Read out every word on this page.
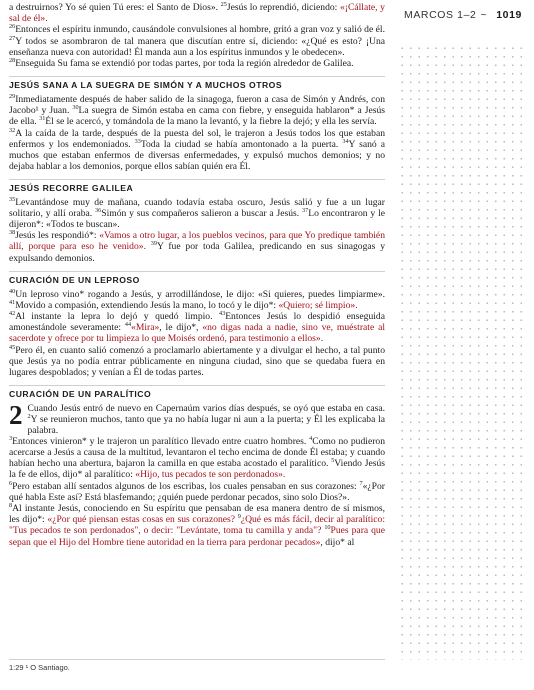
a destruirnos? Yo sé quien Tú eres: el Santo de Dios». $^{25}$Jesús lo reprendió, diciendo: «¡Cállate, y sal de él».

$^{26}$Entonces el espíritu inmundo, causándole convulsiones al hombre, gritó a gran voz y salió de él. $^{27}$Y todos se asombraron de tal manera que discutían entre sí, diciendo: «¿Qué es esto? ¡Una enseñanza nueva con autoridad! Él manda aun a los espíritus inmundos y le obedecen».

$^{28}$Enseguida Su fama se extendió por todas partes, por toda la región alrededor de Galilea.

JESÚS SANA A LA SUEGRA DE SIMÓN Y A MUCHOS OTROS

$^{29}$Inmediatamente después de haber salido de la sinagoga, fueron a casa de Simón y Andrés, con Jacobo¹ y Juan. $^{30}$La suegra de Simón estaba en cama con fiebre, y enseguida hablaron* a Jesús de ella. $^{31}$Él se le acercó, y tomándola de la mano la levantó, y la fiebre la dejó; y ella les servía.

$^{32}$A la caída de la tarde, después de la puesta del sol, le trajeron a Jesús todos los que estaban enfermos y los endemoniados. $^{33}$Toda la ciudad se había amontonado a la puerta. $^{34}$Y sanó a muchos que estaban enfermos de diversas enfermedades, y expulsó muchos demonios; y no dejaba hablar a los demonios, porque ellos sabían quién era Él.

JESÚS RECORRE GALILEA

$^{35}$Levantándose muy de mañana, cuando todavía estaba oscuro, Jesús salió y fue a un lugar solitario, y allí oraba. $^{36}$Simón y sus compañeros salieron a buscar a Jesús. $^{37}$Lo encontraron y le dijeron*: «Todos te buscan».

$^{38}$Jesús les respondió*: «Vamos a otro lugar, a los pueblos vecinos, para que Yo predique también allí, porque para eso he venido». $^{39}$Y fue por toda Galilea, predicando en sus sinagogas y expulsando demonios.

CURACIÓN DE UN LEPROSO

$^{40}$Un leproso vino* rogando a Jesús, y arrodillándose, le dijo: «Si quieres, puedes limpiarme». $^{41}$Movido a compasión, extendiendo Jesús la mano, lo tocó y le dijo*: «Quiero; sé limpio».

$^{42}$Al instante la lepra lo dejó y quedó limpio. $^{43}$Entonces Jesús lo despidió enseguida amonestándole severamente: $^{44}$«Mira», le dijo*, «no digas nada a nadie, sino ve, muéstrate al sacerdote y ofrece por tu limpieza lo que Moisés ordenó, para testimonio a ellos».

$^{45}$Pero él, en cuanto salió comenzó a proclamarlo abiertamente y a divulgar el hecho, a tal punto que Jesús ya no podía entrar públicamente en ninguna ciudad, sino que se quedaba fuera en lugares despoblados; y venían a Él de todas partes.

CURACIÓN DE UN PARALÍTICO

2 Cuando Jesús entró de nuevo en Capernaúm varios días después, se oyó que estaba en casa. $^2$Y se reunieron muchos, tanto que ya no había lugar ni aun a la puerta; y Él les explicaba la palabra.

$^3$Entonces vinieron* y le trajeron un paralítico llevado entre cuatro hombres. $^4$Como no pudieron acercarse a Jesús a causa de la multitud, levantaron el techo encima de donde Él estaba; y cuando habían hecho una abertura, bajaron la camilla en que estaba acostado el paralítico. $^5$Viendo Jesús la fe de ellos, dijo* al paralítico: «Hijo, tus pecados te son perdonados».

$^6$Pero estaban allí sentados algunos de los escribas, los cuales pensaban en sus corazones: $^7$«¿Por qué habla Este así? Está blasfemando; ¿quién puede perdonar pecados, sino solo Dios?».

$^8$Al instante Jesús, conociendo en Su espíritu que pensaban de esa manera dentro de sí mismos, les dijo*: «¿Por qué piensan estas cosas en sus corazones? $^9$¿Qué es más fácil, decir al paralítico: "Tus pecados te son perdonados", o decir: "Levántate, toma tu camilla y anda"? $^{10}$Pues para que sepan que el Hijo del Hombre tiene autoridad en la tierra para perdonar pecados», dijo* al

1:29 ¹ O Santiago.
MARCOS 1–2 ~ 1019
